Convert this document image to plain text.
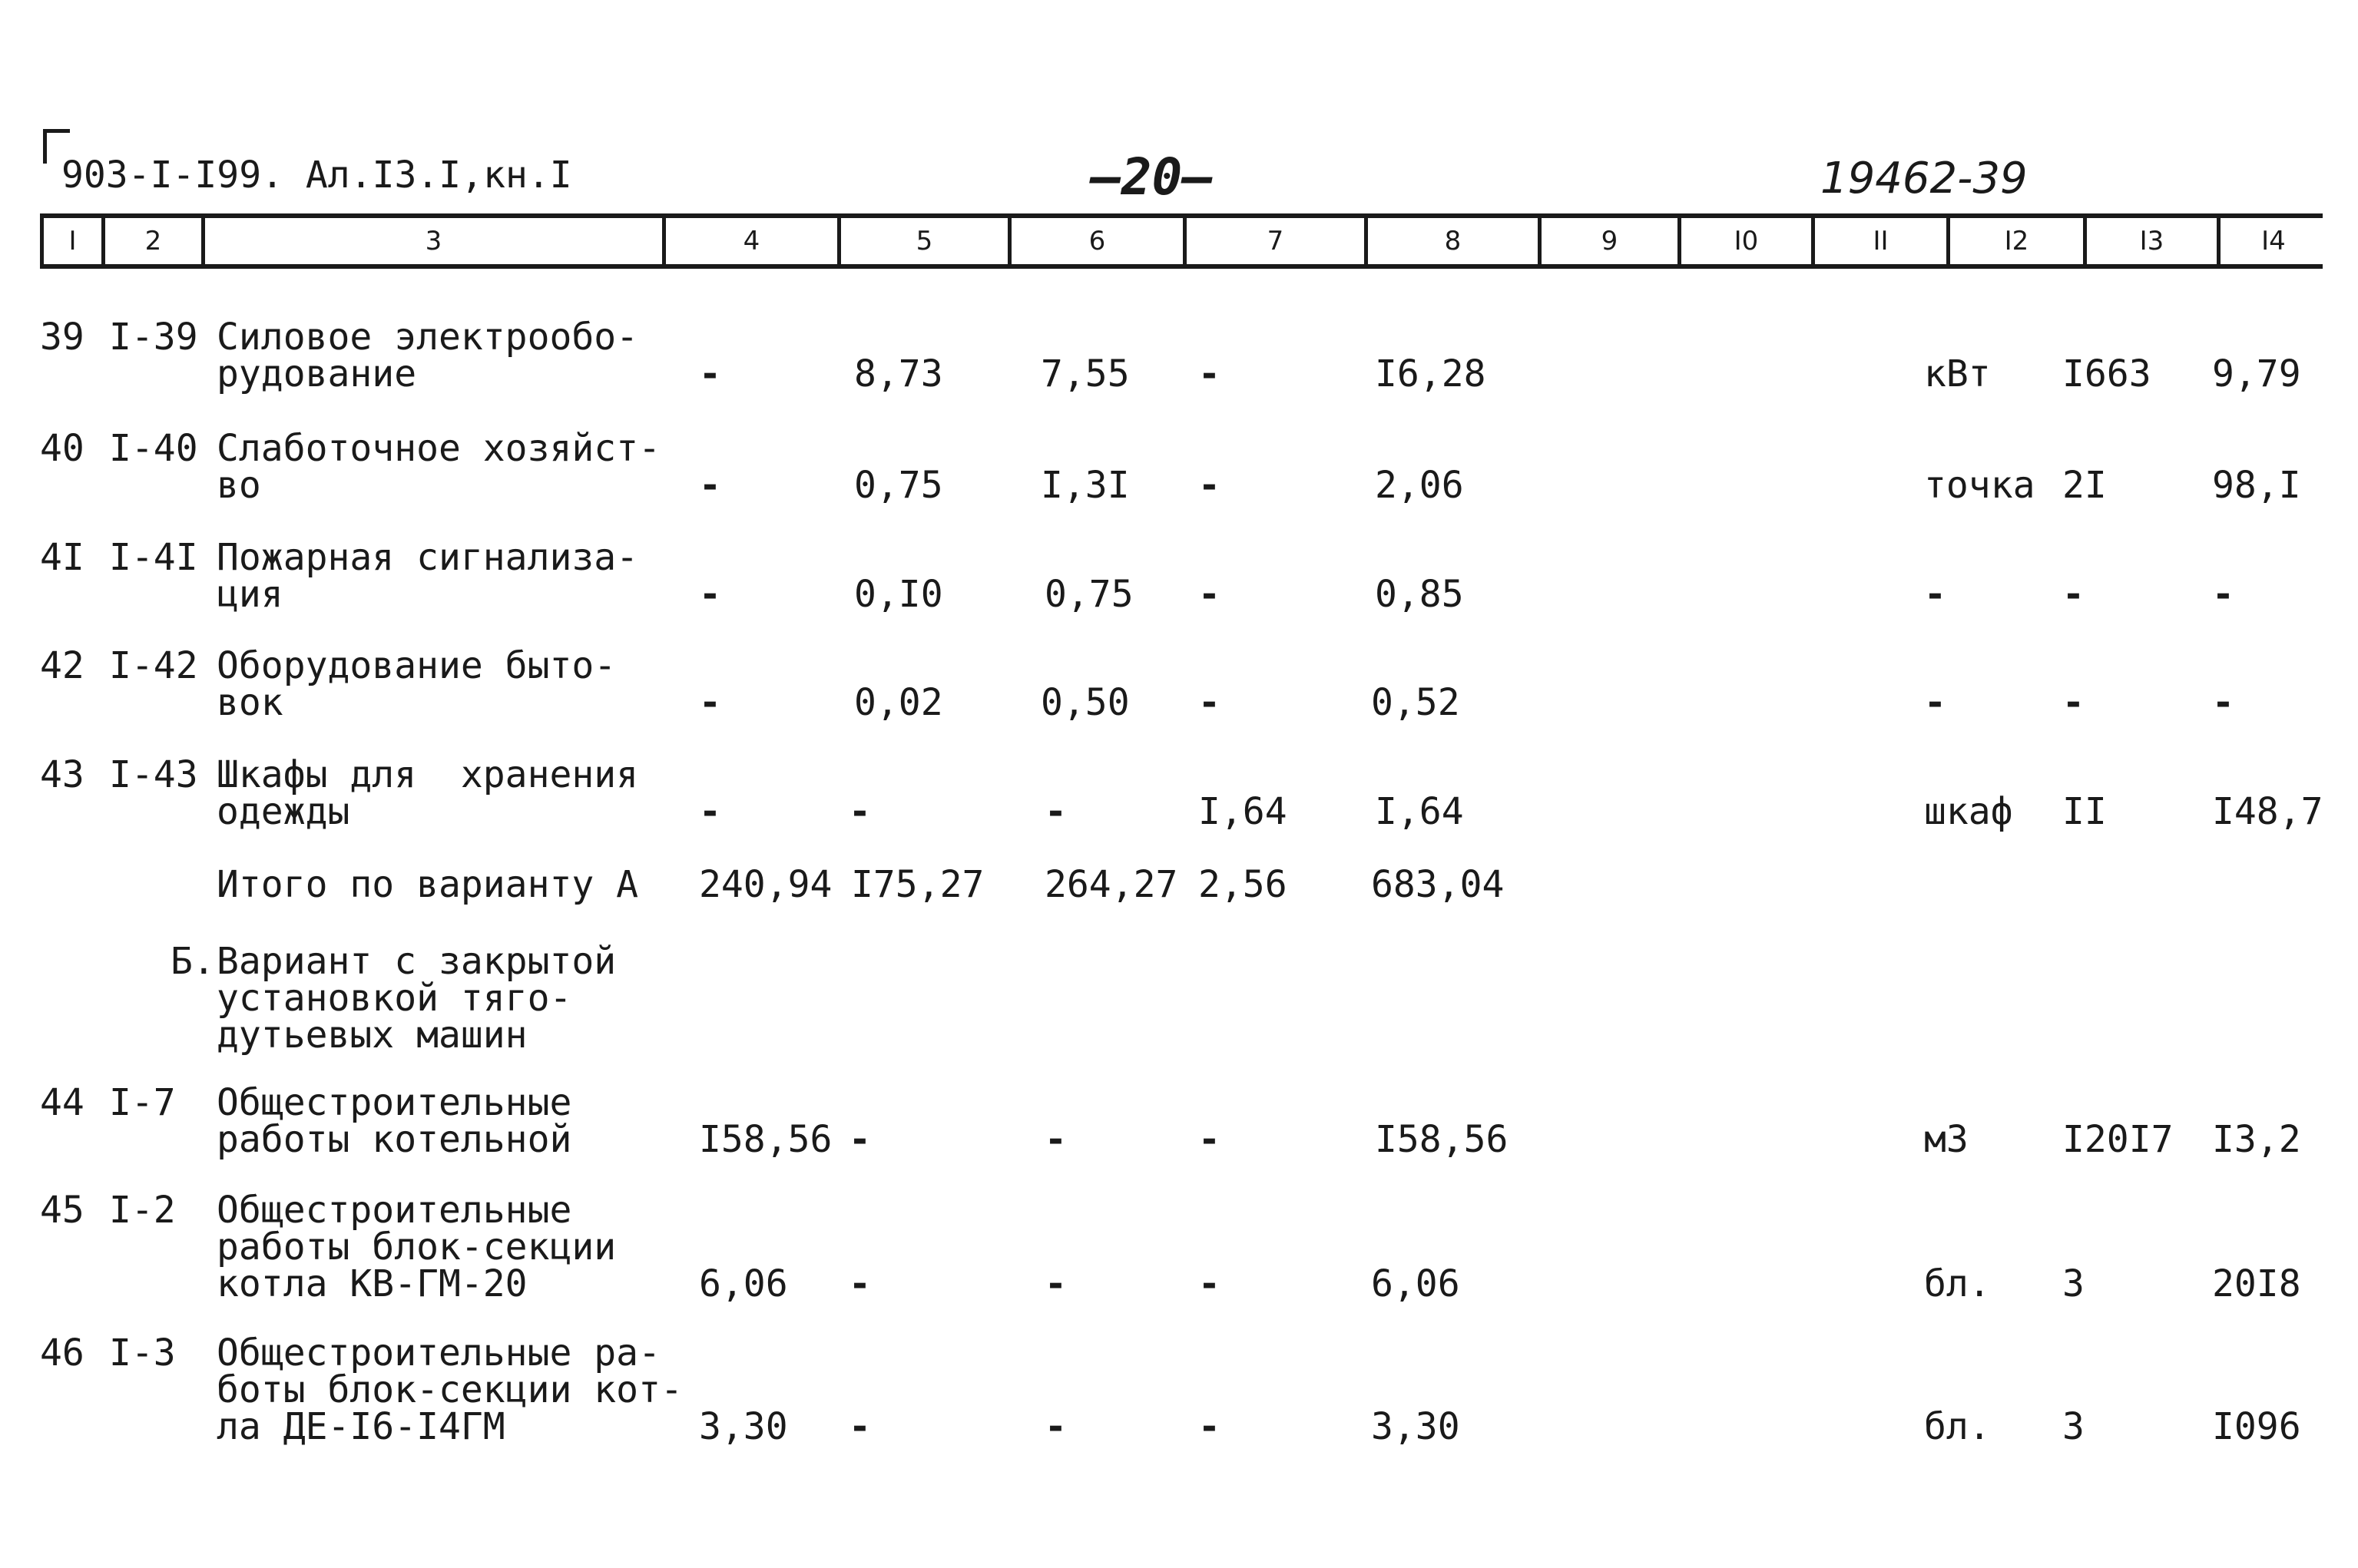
903-I-I99. Ал.I3.I,кн.I	—20—	19462-39
I	2	3	4	5	6	7	8	9	I0	II	I2	I3	I4
39 I-39 Силовое электрообо-
рудование	-	8,73	7,55 -	I6,28	кВт I663 9,79
40 I-40 Слаботочное хозяйст-
во	-	0,75	I,3I -	2,06	точка 2I	98,I
4I I-4I Пожарная сигнализа-
ция	-	0,I0	0,75 -	0,85	-	-	-
42 I-42 Оборудование быто-
вок	-	0,02	0,50 -	0,52	-	-	-
43 I-43 Шкафы для  хранения
одежды	-	-	-	I,64 I,64	шкаф II	I48,7
Итого по варианту А 240,94 I75,27 264,27 2,56 683,04
Б. Вариант с закрытой
установкой тяго-
дутьевых машин
44 I-7 Общестроительные
работы котельной	I58,56 -	-	-	I58,56	м3	I20I7 I3,2
45 I-2 Общестроительные
работы блок-секции
котла КВ-ГМ-20	6,06 -	-	-	6,06	бл. 3	20I8
46 I-3 Общестроительные ра-
боты блок-секции кот-
ла ДЕ-I6-I4ГМ	3,30 -	-	-	3,30	бл. 3	I096
